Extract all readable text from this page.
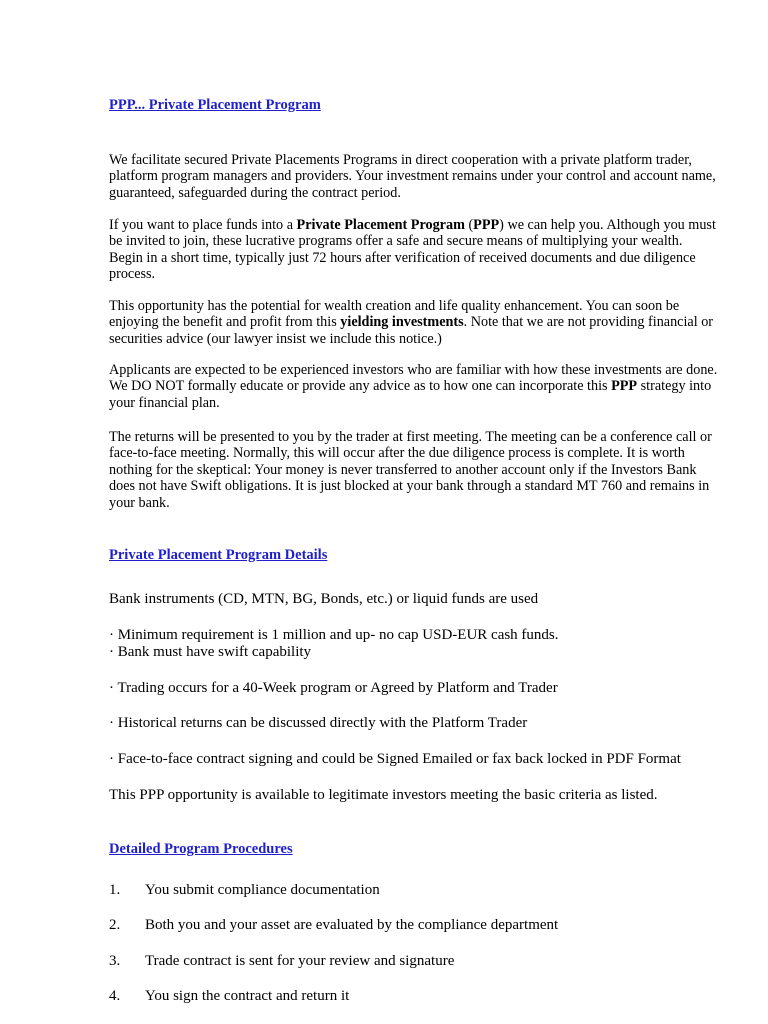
PPP... Private Placement Program

We facilitate secured Private Placements Programs in direct cooperation with a private platform trader, platform program managers and providers. Your investment remains under your control and account name, guaranteed, safeguarded during the contract period.

If you want to place funds into a Private Placement Program (PPP) we can help you. Although you must be invited to join, these lucrative programs offer a safe and secure means of multiplying your wealth. Begin in a short time, typically just 72 hours after verification of received documents and due diligence process.

This opportunity has the potential for wealth creation and life quality enhancement. You can soon be enjoying the benefit and profit from this yielding investments. Note that we are not providing financial or securities advice (our lawyer insist we include this notice.)

Applicants are expected to be experienced investors who are familiar with how these investments are done. We DO NOT formally educate or provide any advice as to how one can incorporate this PPP strategy into your financial plan.

The returns will be presented to you by the trader at first meeting. The meeting can be a conference call or face-to-face meeting. Normally, this will occur after the due diligence process is complete. It is worth nothing for the skeptical: Your money is never transferred to another account only if the Investors Bank does not have Swift obligations. It is just blocked at your bank through a standard MT 760 and remains in your bank.

Private Placement Program Details
Bank instruments (CD, MTN, BG, Bonds, etc.) or liquid funds are used
· Minimum requirement is 1 million and up- no cap USD-EUR cash funds.
· Bank must have swift capability
· Trading occurs for a 40-Week program or Agreed by Platform and Trader
· Historical returns can be discussed directly with the Platform Trader
· Face-to-face contract signing and could be Signed Emailed or fax back locked in PDF Format
This PPP opportunity is available to legitimate investors meeting the basic criteria as listed.
Detailed Program Procedures
1. You submit compliance documentation
2. Both you and your asset are evaluated by the compliance department
3. Trade contract is sent for your review and signature
4. You sign the contract and return it
